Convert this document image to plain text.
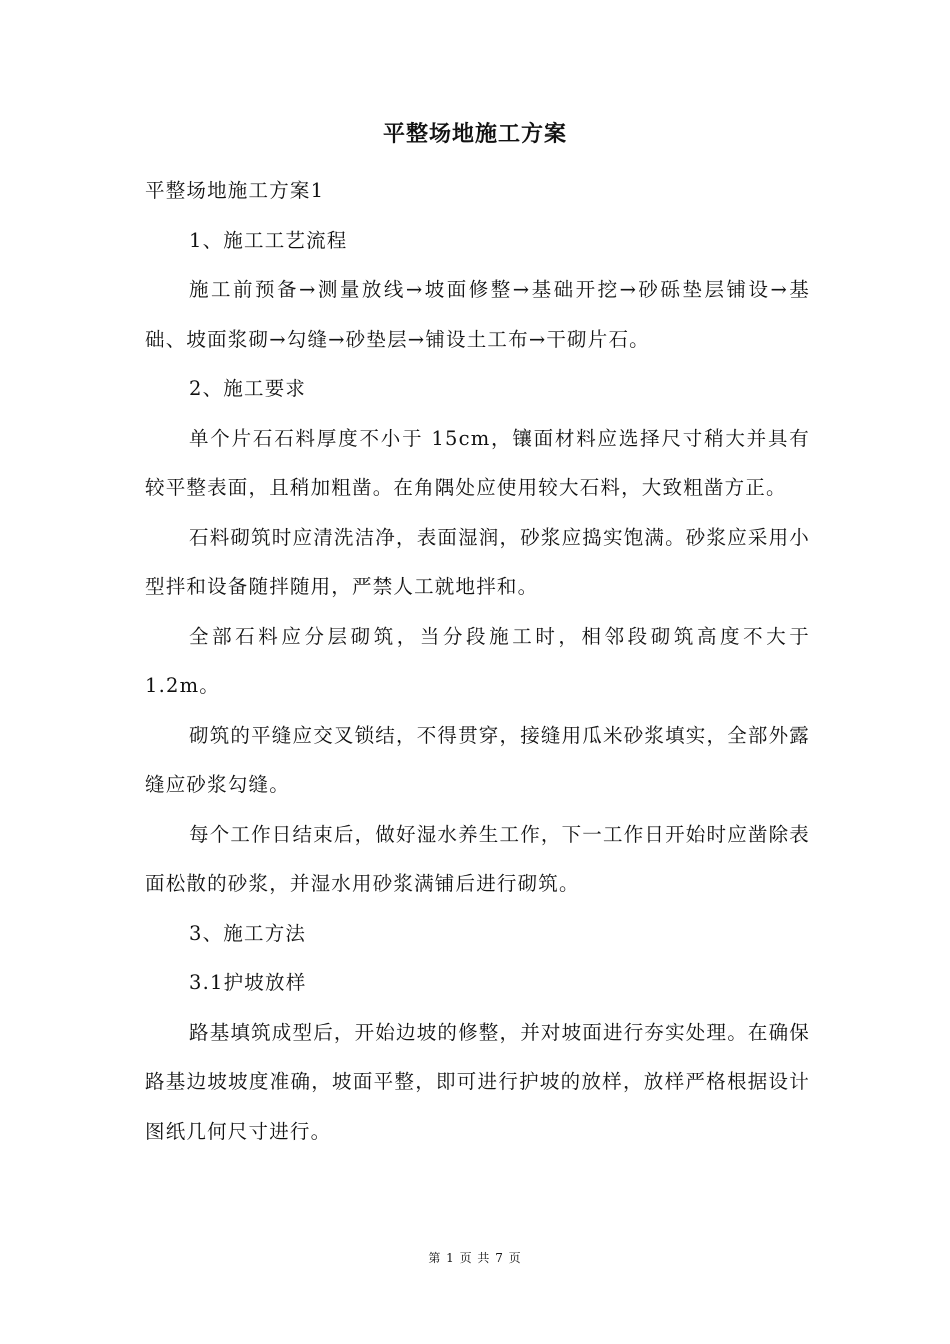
平整场地施工方案

平整场地施工方案1

1、施工工艺流程

施工前预备→测量放线→坡面修整→基础开挖→砂砾垫层铺设→基础、坡面浆砌→勾缝→砂垫层→铺设土工布→干砌片石。

2、施工要求

单个片石石料厚度不小于 15cm，镶面材料应选择尺寸稍大并具有较平整表面，且稍加粗凿。在角隅处应使用较大石料，大致粗凿方正。

石料砌筑时应清洗洁净，表面湿润，砂浆应捣实饱满。砂浆应采用小型拌和设备随拌随用，严禁人工就地拌和。

全部石料应分层砌筑，当分段施工时，相邻段砌筑高度不大于1.2m。

砌筑的平缝应交叉锁结，不得贯穿，接缝用瓜米砂浆填实，全部外露缝应砂浆勾缝。

每个工作日结束后，做好湿水养生工作，下一工作日开始时应凿除表面松散的砂浆，并湿水用砂浆满铺后进行砌筑。

3、施工方法

3.1护坡放样

路基填筑成型后，开始边坡的修整，并对坡面进行夯实处理。在确保路基边坡坡度准确，坡面平整，即可进行护坡的放样，放样严格根据设计图纸几何尺寸进行。

第 1 页 共 7 页
